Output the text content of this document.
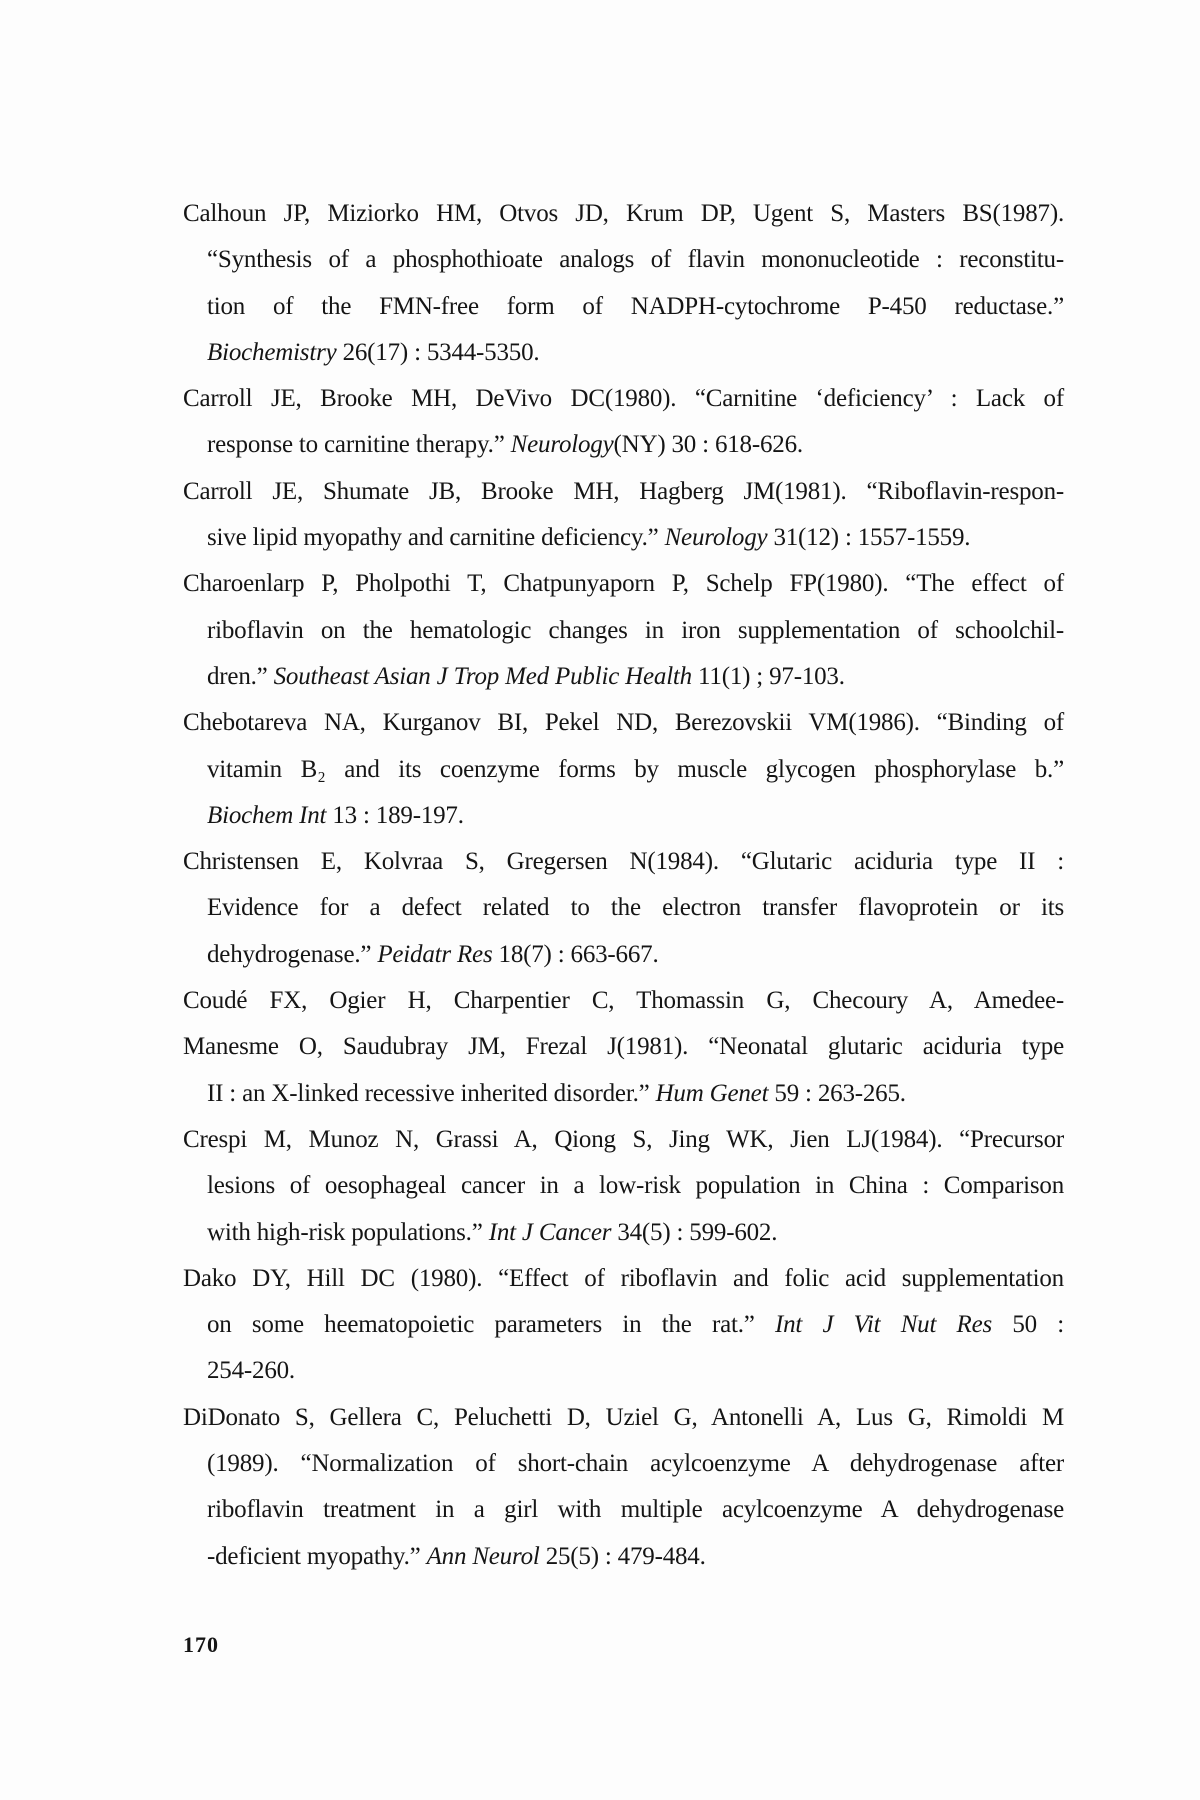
Calhoun JP, Miziorko HM, Otvos JD, Krum DP, Ugent S, Masters BS(1987).
“Synthesis of a phosphothioate analogs of flavin mononucleotide : reconstitu-
tion of the FMN-free form of NADPH-cytochrome P-450 reductase.”
Biochemistry 26(17) : 5344-5350.
Carroll JE, Brooke MH, DeVivo DC(1980). “Carnitine ‘deficiency’ : Lack of
response to carnitine therapy.” Neurology(NY) 30 : 618-626.
Carroll JE, Shumate JB, Brooke MH, Hagberg JM(1981). “Riboflavin-respon-
sive lipid myopathy and carnitine deficiency.” Neurology 31(12) : 1557-1559.
Charoenlarp P, Pholpothi T, Chatpunyaporn P, Schelp FP(1980). “The effect of
riboflavin on the hematologic changes in iron supplementation of schoolchil-
dren.” Southeast Asian J Trop Med Public Health 11(1) ; 97-103.
Chebotareva NA, Kurganov BI, Pekel ND, Berezovskii VM(1986). “Binding of
vitamin B₂ and its coenzyme forms by muscle glycogen phosphorylase b.”
Biochem Int 13 : 189-197.
Christensen E, Kolvraa S, Gregersen N(1984). “Glutaric aciduria type II :
Evidence for a defect related to the electron transfer flavoprotein or its
dehydrogenase.” Peidatr Res 18(7) : 663-667.
Coudé FX, Ogier H, Charpentier C, Thomassin G, Checoury A, Amedee-
Manesme O, Saudubray JM, Frezal J(1981). “Neonatal glutaric aciduria type
II : an X-linked recessive inherited disorder.” Hum Genet 59 : 263-265.
Crespi M, Munoz N, Grassi A, Qiong S, Jing WK, Jien LJ(1984). “Precursor
lesions of oesophageal cancer in a low-risk population in China : Comparison
with high-risk populations.” Int J Cancer 34(5) : 599-602.
Dako DY, Hill DC (1980). “Effect of riboflavin and folic acid supplementation
on some heematopoietic parameters in the rat.” Int J Vit Nut Res 50 :
254-260.
DiDonato S, Gellera C, Peluchetti D, Uziel G, Antonelli A, Lus G, Rimoldi M
(1989). “Normalization of short-chain acylcoenzyme A dehydrogenase after
riboflavin treatment in a girl with multiple acylcoenzyme A dehydrogenase
-deficient myopathy.” Ann Neurol 25(5) : 479-484.
170
